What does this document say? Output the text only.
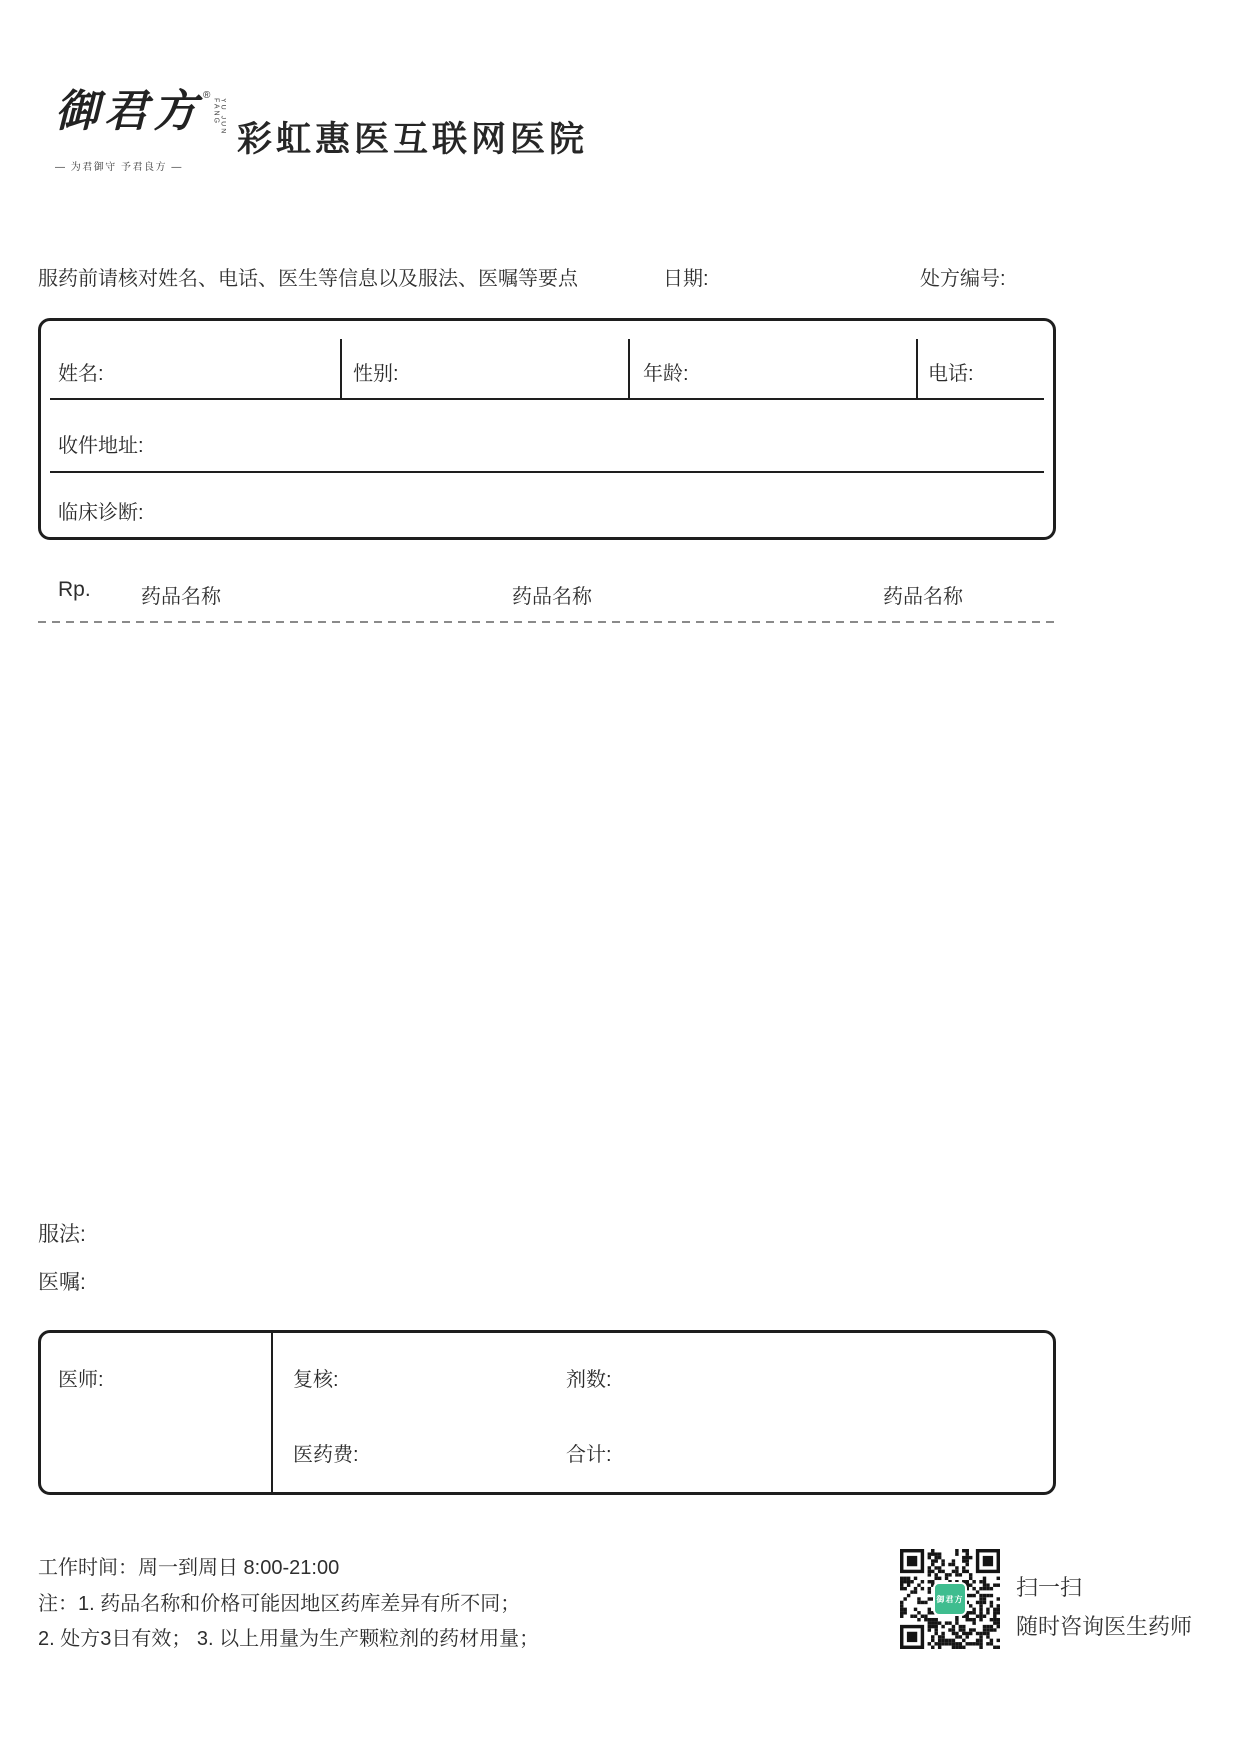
御君方 ®
YU JUN FANG
— 为君御守 予君良方 —
彩虹惠医互联网医院
服药前请核对姓名、电话、医生等信息以及服法、医嘱等要点	日期:	处方编号:
姓名:	性别:	年龄:	电话:
收件地址:
临床诊断:
Rp.	药品名称	药品名称	药品名称
服法:
医嘱:
医师:	复核:	剂数:
医药费:	合计:
工作时间：周一到周日 8:00-21:00
注：1. 药品名称和价格可能因地区药库差异有所不同；
2. 处方3日有效； 3. 以上用量为生产颗粒剂的药材用量；
御君方 扫一扫
随时咨询医生药师
